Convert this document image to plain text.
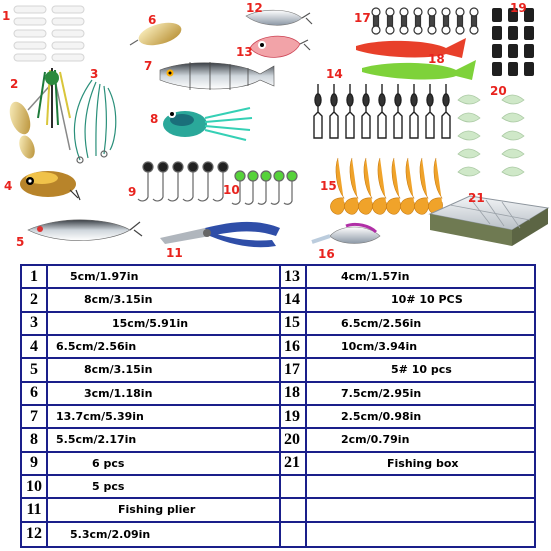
1
2
3
4
5
6
7
8
9	10
11
12
13
14
15
16
17
18
19
20
21
1	5cm/1.97in
2	8cm/3.15in
3	15cm/5.91in
4	6.5cm/2.56in
5	8cm/3.15in
6	3cm/1.18in
7	13.7cm/5.39in
8	5.5cm/2.17in
9	6 pcs
10	5 pcs
11	Fishing plier
12	5.3cm/2.09in
13	4cm/1.57in
14	10# 10 PCS
15	6.5cm/2.56in
16	10cm/3.94in
17	5# 10 pcs
18	7.5cm/2.95in
19	2.5cm/0.98in
20	2cm/0.79in
21	Fishing box
